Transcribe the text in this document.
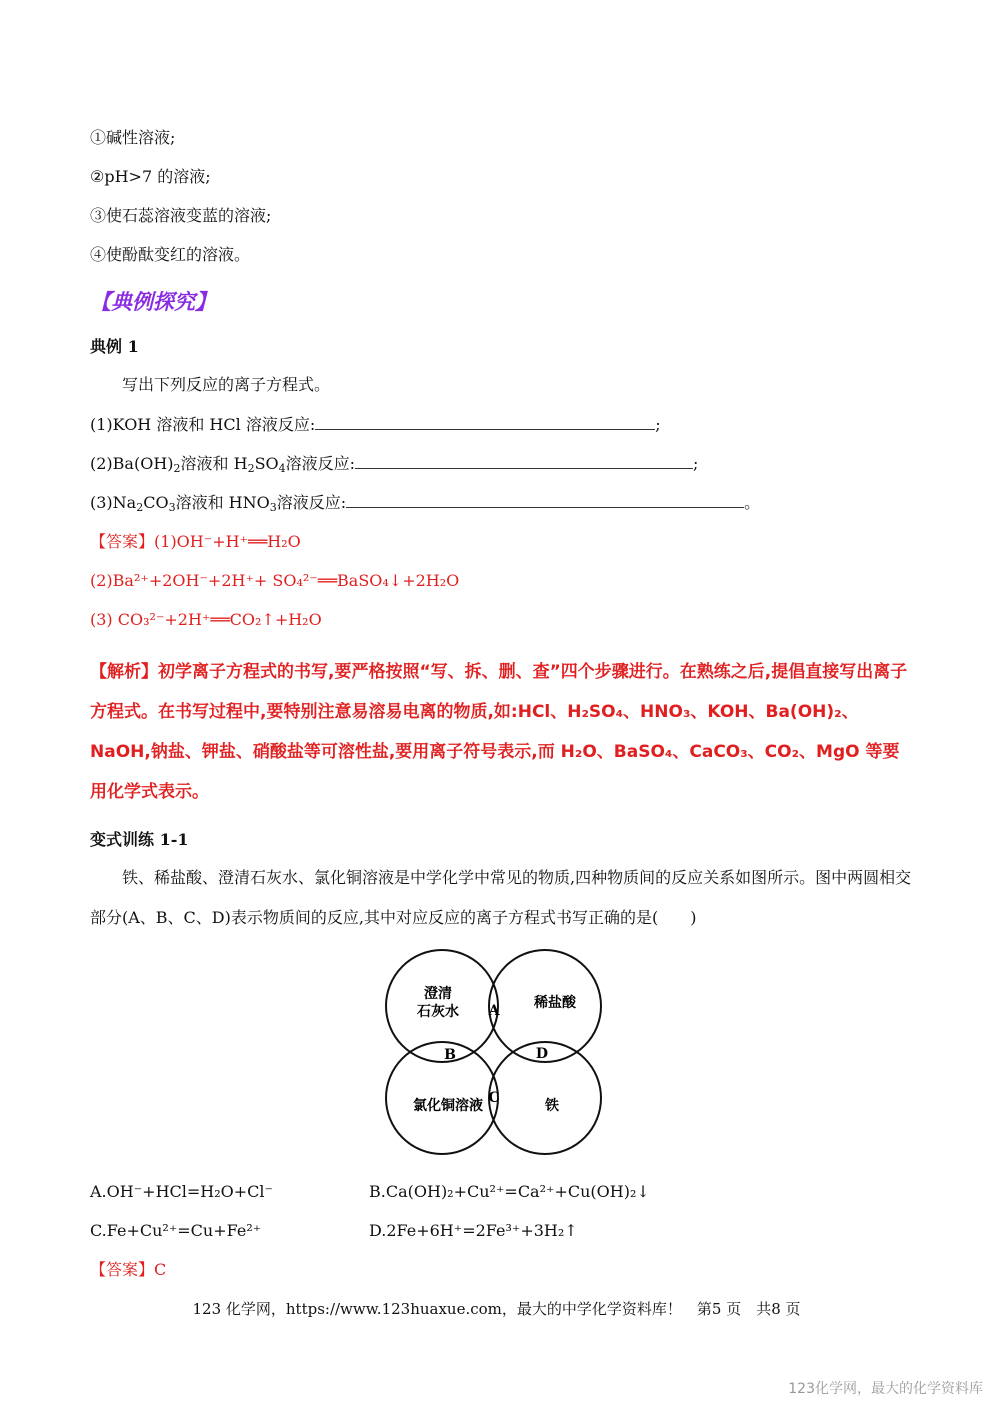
①碱性溶液;
②pH>7 的溶液;
③使石蕊溶液变蓝的溶液;
④使酚酞变红的溶液。
【典例探究】
典例 1
写出下列反应的离子方程式。
(1)KOH 溶液和 HCl 溶液反应:	;
$(2)Ba(OH)_2$溶液和 $H_2SO_4$溶液反应:	;
$(3)Na_2CO_3$溶液和 $HNO_3$溶液反应:	。
【答案】(1)OH⁻+H⁺══H₂O
(2)Ba²⁺+2OH⁻+2H⁺+ SO₄²⁻══BaSO₄↓+2H₂O
(3) CO₃²⁻+2H⁺══CO₂↑+H₂O
【解析】初学离子方程式的书写,要严格按照“写、拆、删、查”四个步骤进行。在熟练之后,提倡直接写出离子方程式。在书写过程中,要特别注意易溶易电离的物质,如:HCl、H₂SO₄、HNO₃、KOH、Ba(OH)₂、NaOH,钠盐、钾盐、硝酸盐等可溶性盐,要用离子符号表示,而 H₂O、BaSO₄、CaCO₃、CO₂、MgO 等要用化学式表示。
变式训练 1-1
铁、稀盐酸、澄清石灰水、氯化铜溶液是中学化学中常见的物质,四种物质间的反应关系如图所示。图中两圆相交部分(A、B、C、D)表示物质间的反应,其中对应反应的离子方程式书写正确的是(　　)
澄清
石灰水
稀盐酸
氯化铜溶液	铁
A
B
C
D
A.OH⁻+HCl=H₂O+Cl⁻	B.Ca(OH)₂+Cu²⁺=Ca²⁺+Cu(OH)₂↓
C.Fe+Cu²⁺=Cu+Fe²⁺	D.2Fe+6H⁺=2Fe³⁺+3H₂↑
【答案】C
123 化学网，https://www.123huaxue.com，最大的中学化学资料库！　第5 页　共8 页
123化学网，最大的化学资料库
